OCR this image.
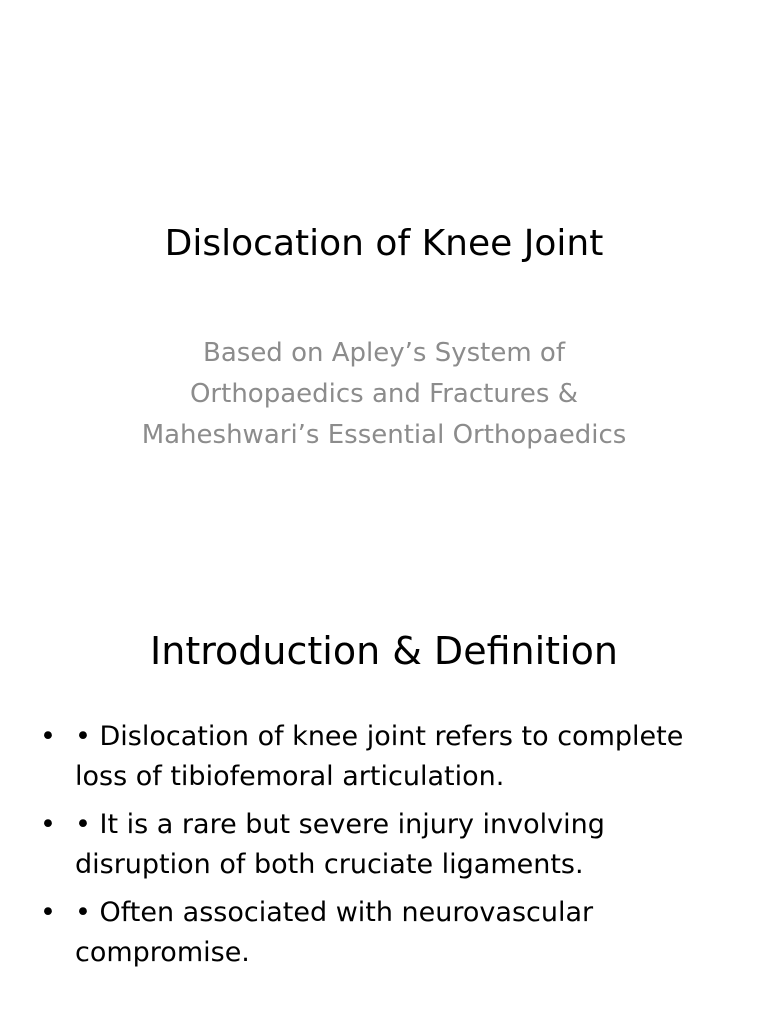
Dislocation of Knee Joint

Based on Apley’s System of
Orthopaedics and Fractures &
Maheshwari’s Essential Orthopaedics

Introduction & Definition
• • Dislocation of knee joint refers to complete
loss of tibiofemoral articulation.
• • It is a rare but severe injury involving
disruption of both cruciate ligaments.
• • Often associated with neurovascular
compromise.
